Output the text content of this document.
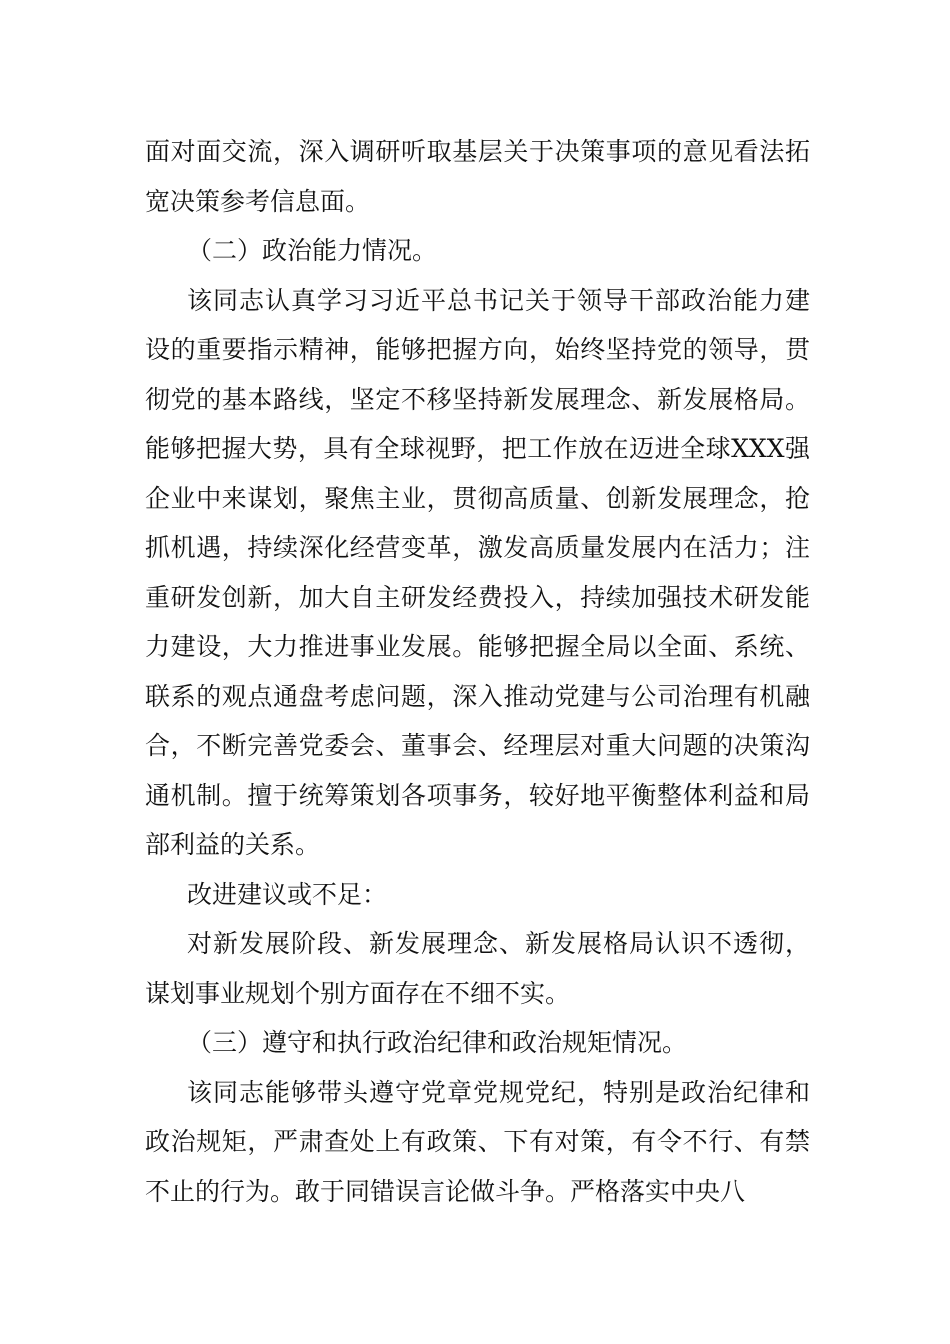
面对面交流，深入调研听取基层关于决策事项的意见看法拓宽决策参考信息面。

（二）政治能力情况。

该同志认真学习习近平总书记关于领导干部政治能力建设的重要指示精神，能够把握方向，始终坚持党的领导，贯彻党的基本路线，坚定不移坚持新发展理念、新发展格局。能够把握大势，具有全球视野，把工作放在迈进全球XXX强企业中来谋划，聚焦主业，贯彻高质量、创新发展理念，抢抓机遇，持续深化经营变革，激发高质量发展内在活力；注重研发创新，加大自主研发经费投入，持续加强技术研发能力建设，大力推进事业发展。能够把握全局以全面、系统、联系的观点通盘考虑问题，深入推动党建与公司治理有机融合，不断完善党委会、董事会、经理层对重大问题的决策沟通机制。擅于统筹策划各项事务，较好地平衡整体利益和局部利益的关系。

改进建议或不足：

对新发展阶段、新发展理念、新发展格局认识不透彻，谋划事业规划个别方面存在不细不实。

（三）遵守和执行政治纪律和政治规矩情况。

该同志能够带头遵守党章党规党纪，特别是政治纪律和政治规矩，严肃查处上有政策、下有对策，有令不行、有禁不止的行为。敢于同错误言论做斗争。严格落实中央八
